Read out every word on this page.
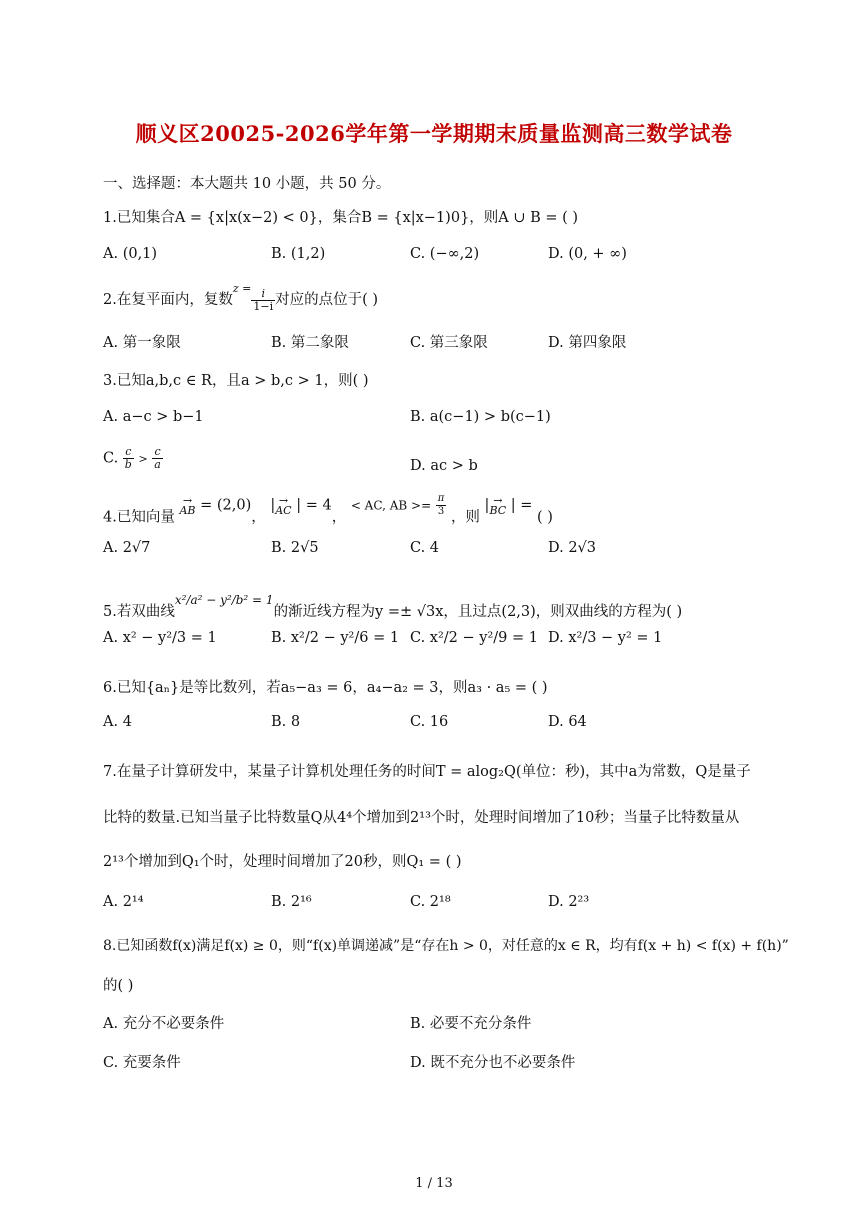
顺义区20025-2026学年第一学期期末质量监测高三数学试卷
一、选择题：本大题共 10 小题，共 50 分。
1.已知集合A = {x|x(x−2) < 0}，集合B = {x|x−1)0}，则A ∪ B = ( )
A. (0,1)	B. (1,2)	C. (−∞,2)	D. (0, + ∞)
2.在复平面内，复数$^{z =} \frac{i}{1-i}$ 对应的点位于( )
A. 第一象限	B. 第二象限	C. 第三象限	D. 第四象限
3.已知a,b,c ∈ R，且a > b,c > 1，则( )
A. a−c > b−1	B. a(c−1) > b(c−1)
C. $\frac{c}{b} > \frac{c}{a}$	D. ac > b
4.已知向量
→
AB = (2,0)， | →
AC | = 4， < AC, AB >= $\frac{\pi}{3}$ ，则 | →
BC | = ( )
A. 2√7	B. 2√5	C. 4	D. 2√3
5.若双曲线$^{x^2/a^2 - y^2/b^2 = 1}$的渐近线方程为y =± √3x，且过点(2,3)，则双曲线的方程为( )
A. x² − y²/3 = 1	B. x²/2 − y²/6 = 1 C. x²/2 − y²/9 = 1 D. x²/3 − y² = 1
6.已知{aₙ}是等比数列，若a₅−a₃ = 6，a₄−a₂ = 3，则a₃ · a₅ = ( )
A. 4	B. 8	C. 16	D. 64
7.在量子计算研发中，某量子计算机处理任务的时间T = alog₂Q(单位：秒)，其中a为常数，Q是量子
比特的数量.已知当量子比特数量Q从4⁴个增加到2¹³个时，处理时间增加了10秒；当量子比特数量从
2¹³个增加到Q₁个时，处理时间增加了20秒，则Q₁ = ( )
A. 2¹⁴	B. 2¹⁶	C. 2¹⁸	D. 2²³
8.已知函数f(x)满足f(x) ≥ 0，则“f(x)单调递减”是“存在h > 0，对任意的x ∈ R，均有f(x + h) < f(x) + f(h)”
的( )
A. 充分不必要条件	B. 必要不充分条件
C. 充要条件	D. 既不充分也不必要条件
1 / 13
